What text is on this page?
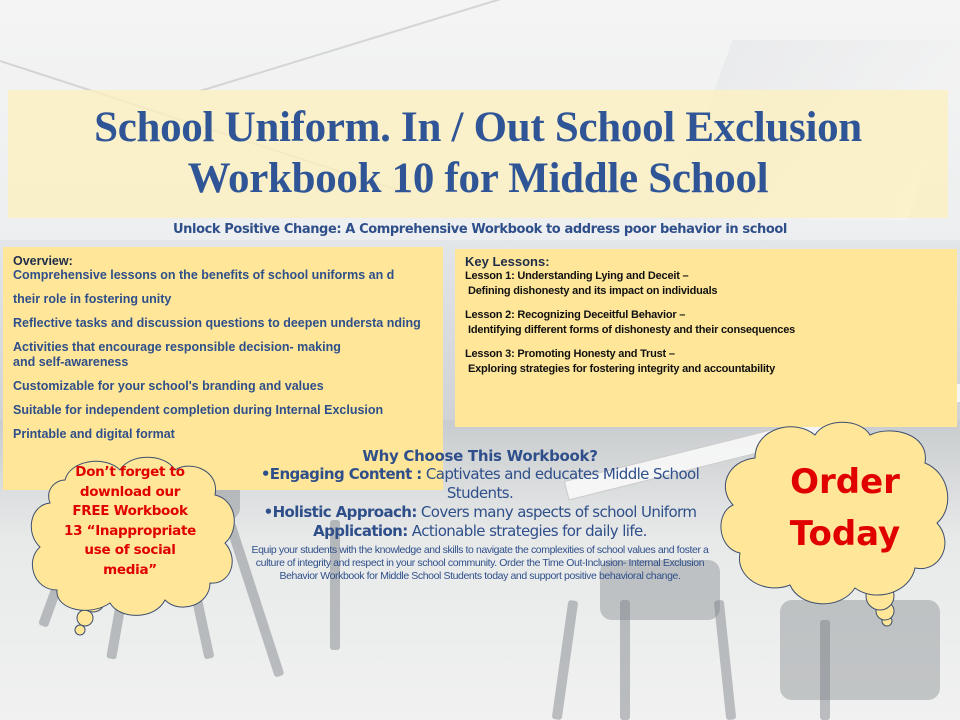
School Uniform. In / Out School Exclusion
Workbook 10 for Middle School
Unlock Positive Change: A Comprehensive Workbook to address poor behavior in school
Overview:
Comprehensive lessons on the benefits of school uniforms an d
their role in fostering unity
Reflective tasks and discussion questions to deepen understa nding
Activities that encourage responsible decision- making and self-awareness
Customizable for your school's branding and values
Suitable for independent completion during Internal Exclusion
Printable and digital format
Key Lessons:
Lesson 1: Understanding Lying and Deceit –
Defining dishonesty and its impact on individuals
Lesson 2: Recognizing Deceitful Behavior –
Identifying different forms of dishonesty and their consequences
Lesson 3: Promoting Honesty and Trust –
Exploring strategies for fostering integrity and accountability
Why Choose This Workbook?
•Engaging Content : Captivates and educates Middle School Students.
•Holistic Approach: Covers many aspects of school Uniform
Application: Actionable strategies for daily life.
Equip your students with the knowledge and skills to navigate the complexities of school values and foster a culture of integrity and respect in your school community. Order the Time Out-Inclusion- Internal Exclusion Behavior Workbook for Middle School Students today and support positive behavioral change.
Don’t forget to
download our
FREE Workbook
13 “Inappropriate
use of social
media”
Order
Today
